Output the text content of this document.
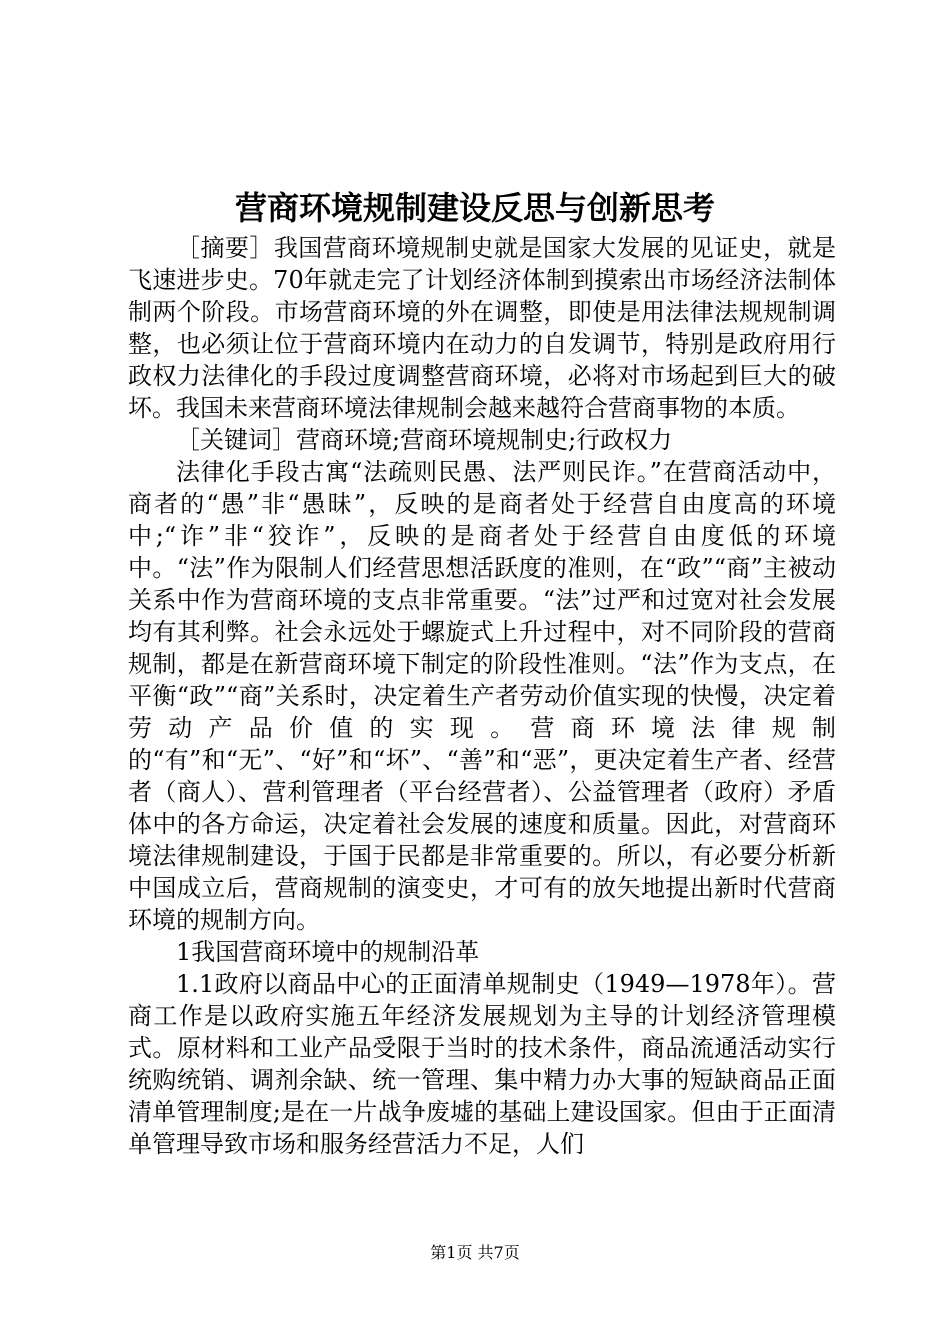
营商环境规制建设反思与创新思考

［摘要］我国营商环境规制史就是国家大发展的见证史，就是飞速进步史。70年就走完了计划经济体制到摸索出市场经济法制体制两个阶段。市场营商环境的外在调整，即使是用法律法规规制调整，也必须让位于营商环境内在动力的自发调节，特别是政府用行政权力法律化的手段过度调整营商环境，必将对市场起到巨大的破坏。我国未来营商环境法律规制会越来越符合营商事物的本质。

［关键词］营商环境;营商环境规制史;行政权力

法律化手段古寓“法疏则民愚、法严则民诈。”在营商活动中，商者的“愚”非“愚昧”，反映的是商者处于经营自由度高的环境中;“诈”非“狡诈”，反映的是商者处于经营自由度低的环境中。“法”作为限制人们经营思想活跃度的准则，在“政”“商”主被动关系中作为营商环境的支点非常重要。“法”过严和过宽对社会发展均有其利弊。社会永远处于螺旋式上升过程中，对不同阶段的营商规制，都是在新营商环境下制定的阶段性准则。“法”作为支点，在平衡“政”“商”关系时，决定着生产者劳动价值实现的快慢，决定着劳动产品价值的实现。营商环境法律规制的“有”和“无”、“好”和“坏”、“善”和“恶”，更决定着生产者、经营者（商人）、营利管理者（平台经营者）、公益管理者（政府）矛盾体中的各方命运，决定着社会发展的速度和质量。因此，对营商环境法律规制建设，于国于民都是非常重要的。所以，有必要分析新中国成立后，营商规制的演变史，才可有的放矢地提出新时代营商环境的规制方向。

1我国营商环境中的规制沿革

1.1政府以商品中心的正面清单规制史（1949—1978年）。营商工作是以政府实施五年经济发展规划为主导的计划经济管理模式。原材料和工业产品受限于当时的技术条件，商品流通活动实行统购统销、调剂余缺、统一管理、集中精力办大事的短缺商品正面清单管理制度;是在一片战争废墟的基础上建设国家。但由于正面清单管理导致市场和服务经营活力不足，人们

第1页 共7页
